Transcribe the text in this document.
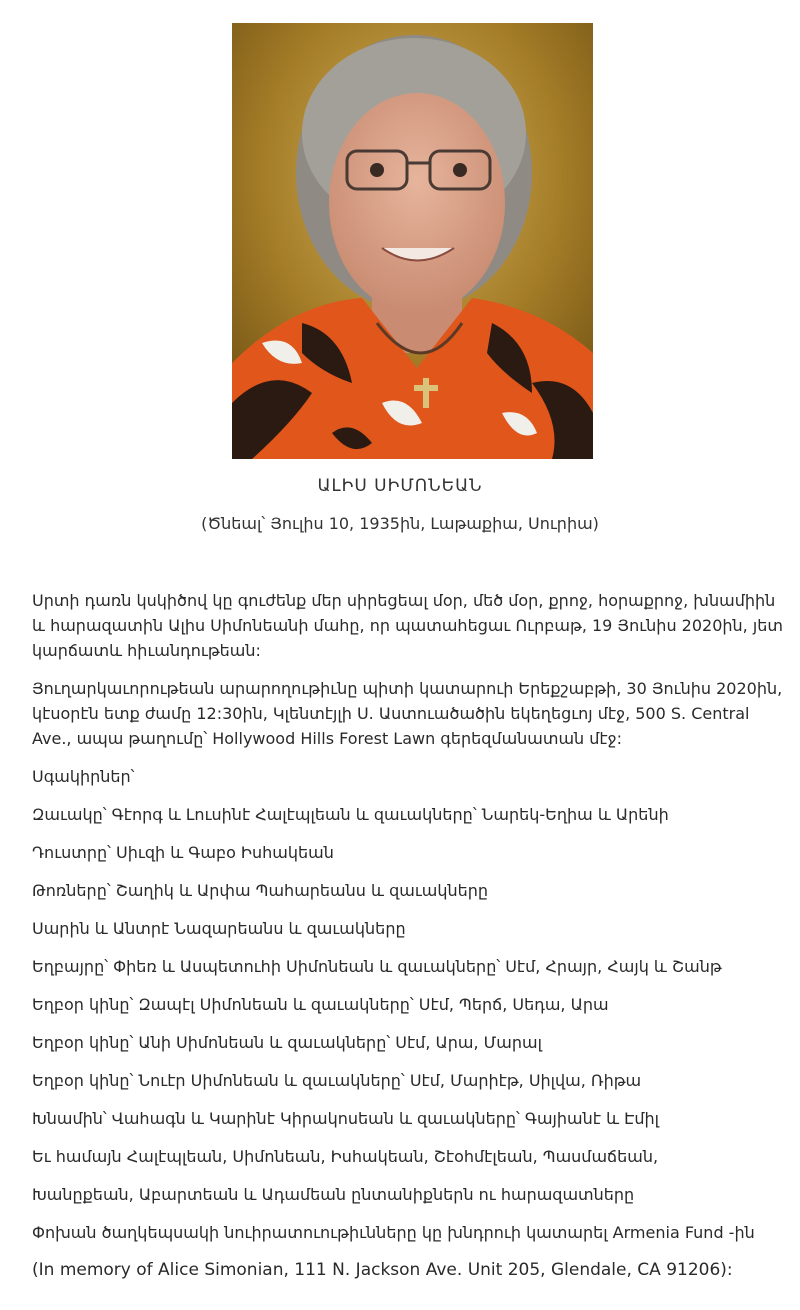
ԱԼԻՍ ՍԻՄՈՆԵԱՆ
(Ծնեալ՝ Յուլիս 10, 1935ին, Լաթաքիա, Սուրիա)

Սրտի դառն կսկիծով կը գուժենք մեր սիրեցեալ մօր, մեծ մօր, քրոջ, հօրաքրոջ, խնամիին և հարազատին Ալիս Սիմոնեանի մահը, որ պատահեցաւ Ուրբաթ, 19 Յունիս 2020ին, յետ կարճատև հիւանդութեան:

Յուղարկաւորութեան արարողութիւնը պիտի կատարուի Երեքշաբթի, 30 Յունիս 2020ին, կէսօրէն ետք ժամը 12:30ին, Կլենտէյլի Ս. Աստուածածին եկեղեցւոյ մէջ, 500 S. Central Ave., ապա թաղումը՝ Hollywood Hills Forest Lawn գերեզմանատան մէջ:

Սգակիրներ՝

Զաւակը՝ Գէորգ և Լուսինէ Հալէպլեան և զաւակները՝ Նարեկ-Եղիա և Արենի

Դուստրը՝ Սիւզի և Գաբօ Իսհակեան

Թոռները՝ Շաղիկ և Արփա Պահարեանս և զաւակները

Սարին և Անտրէ Նազարեանս և զաւակները

Եղբայրը՝ Փիեռ և Ասպետուհի Սիմոնեան և զաւակները՝ Սէմ, Հրայր, Հայկ և Շանթ

Եղբօր կինը՝ Զապէլ Սիմոնեան և զաւակները՝ Սէմ, Պերճ, Սեդա, Արա

Եղբօր կինը՝ Անի Սիմոնեան և զաւակները՝ Սէմ, Արա, Մարալ

Եղբօր կինը՝ Նուէր Սիմոնեան և զաւակները՝ Սէմ, Մարիէթ, Սիլվա, Ռիթա

Խնամին՝ Վահագն և Կարինէ Կիրակոսեան և զաւակները՝ Գայիանէ և Էմիլ

Եւ համայն Հալէպլեան, Սիմոնեան, Իսհակեան, Շէօհմէլեան, Պասմաճեան,

Խանըքեան, Աբարտեան և Ադամեան ընտանիքներն ու հարազատները

Փոխան ծաղկեպսակի նուիրատուութիւնները կը խնդրուի կատարել Armenia Fund -ին

(In memory of Alice Simonian, 111 N. Jackson Ave. Unit 205, Glendale, CA 91206):
